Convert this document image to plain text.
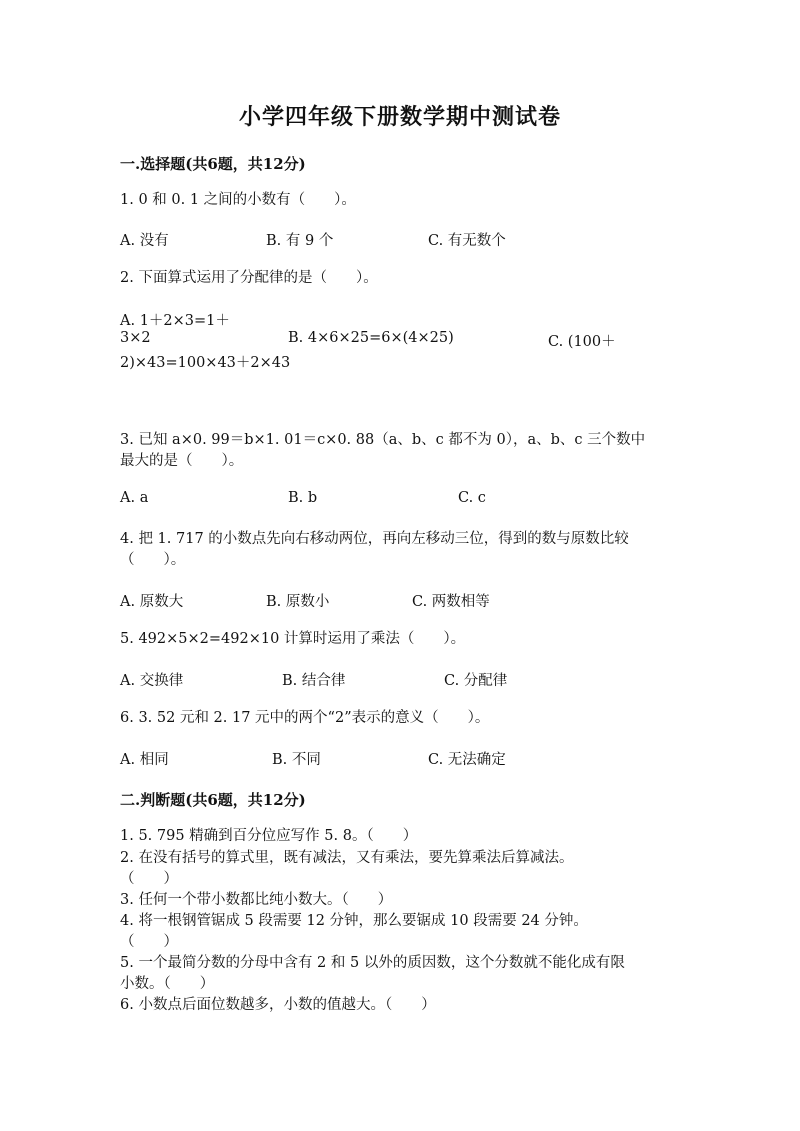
小学四年级下册数学期中测试卷
一.选择题(共6题，共12分)
1. 0 和 0. 1 之间的小数有（　　）。
A. 没有	B. 有 9 个	C. 有无数个
2. 下面算式运用了分配律的是（　　）。
A. 1＋2×3=1＋
3×2	B. 4×6×25=6×(4×25)	C. (100＋
2)×43=100×43＋2×43
3. 已知 a×0. 99＝b×1. 01＝c×0. 88（a、b、c 都不为 0），a、b、c 三个数中
最大的是（　　）。
A. a	B. b	C. c
4. 把 1. 717 的小数点先向右移动两位，再向左移动三位，得到的数与原数比较
（　　）。
A. 原数大	B. 原数小	C. 两数相等
5. 492×5×2=492×10 计算时运用了乘法（　　）。
A. 交换律	B. 结合律	C. 分配律
6. 3. 52 元和 2. 17 元中的两个“2”表示的意义（　　）。
A. 相同	B. 不同	C. 无法确定
二.判断题(共6题，共12分)
1. 5. 795 精确到百分位应写作 5. 8。（　　）
2. 在没有括号的算式里，既有减法，又有乘法，要先算乘法后算减法。
（　　）
3. 任何一个带小数都比纯小数大。（　　）
4. 将一根钢管锯成 5 段需要 12 分钟，那么要锯成 10 段需要 24 分钟。
（　　）
5. 一个最简分数的分母中含有 2 和 5 以外的质因数，这个分数就不能化成有限
小数。（　　）
6. 小数点后面位数越多，小数的值越大。（　　）
